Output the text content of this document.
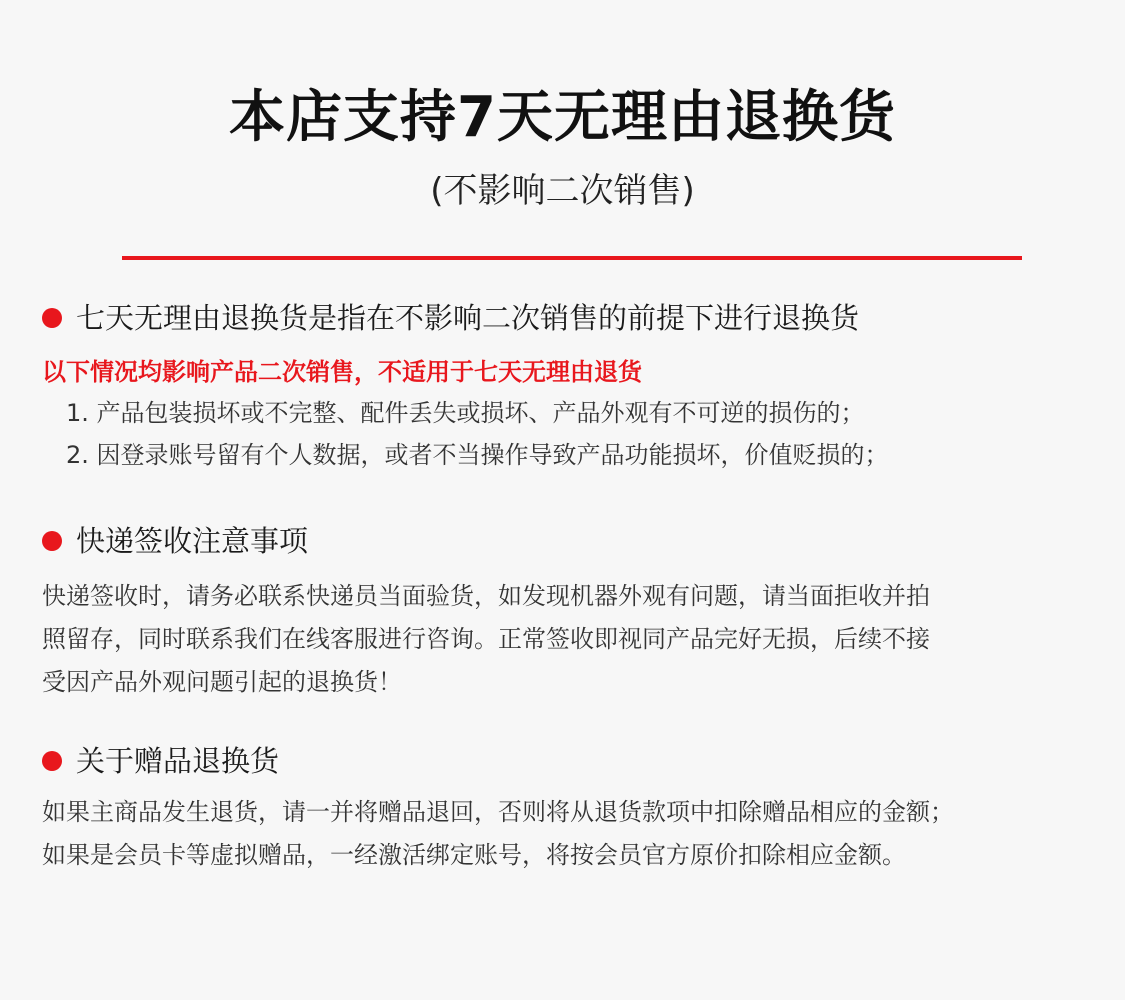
本店支持7天无理由退换货
(不影响二次销售)
七天无理由退换货是指在不影响二次销售的前提下进行退换货
以下情况均影响产品二次销售，不适用于七天无理由退货
1. 产品包装损坏或不完整、配件丢失或损坏、产品外观有不可逆的损伤的；
2. 因登录账号留有个人数据，或者不当操作导致产品功能损坏，价值贬损的；
快递签收注意事项
快递签收时，请务必联系快递员当面验货，如发现机器外观有问题，请当面拒收并拍
照留存，同时联系我们在线客服进行咨询。正常签收即视同产品完好无损，后续不接
受因产品外观问题引起的退换货！
关于赠品退换货
如果主商品发生退货，请一并将赠品退回，否则将从退货款项中扣除赠品相应的金额；
如果是会员卡等虚拟赠品，一经激活绑定账号，将按会员官方原价扣除相应金额。
